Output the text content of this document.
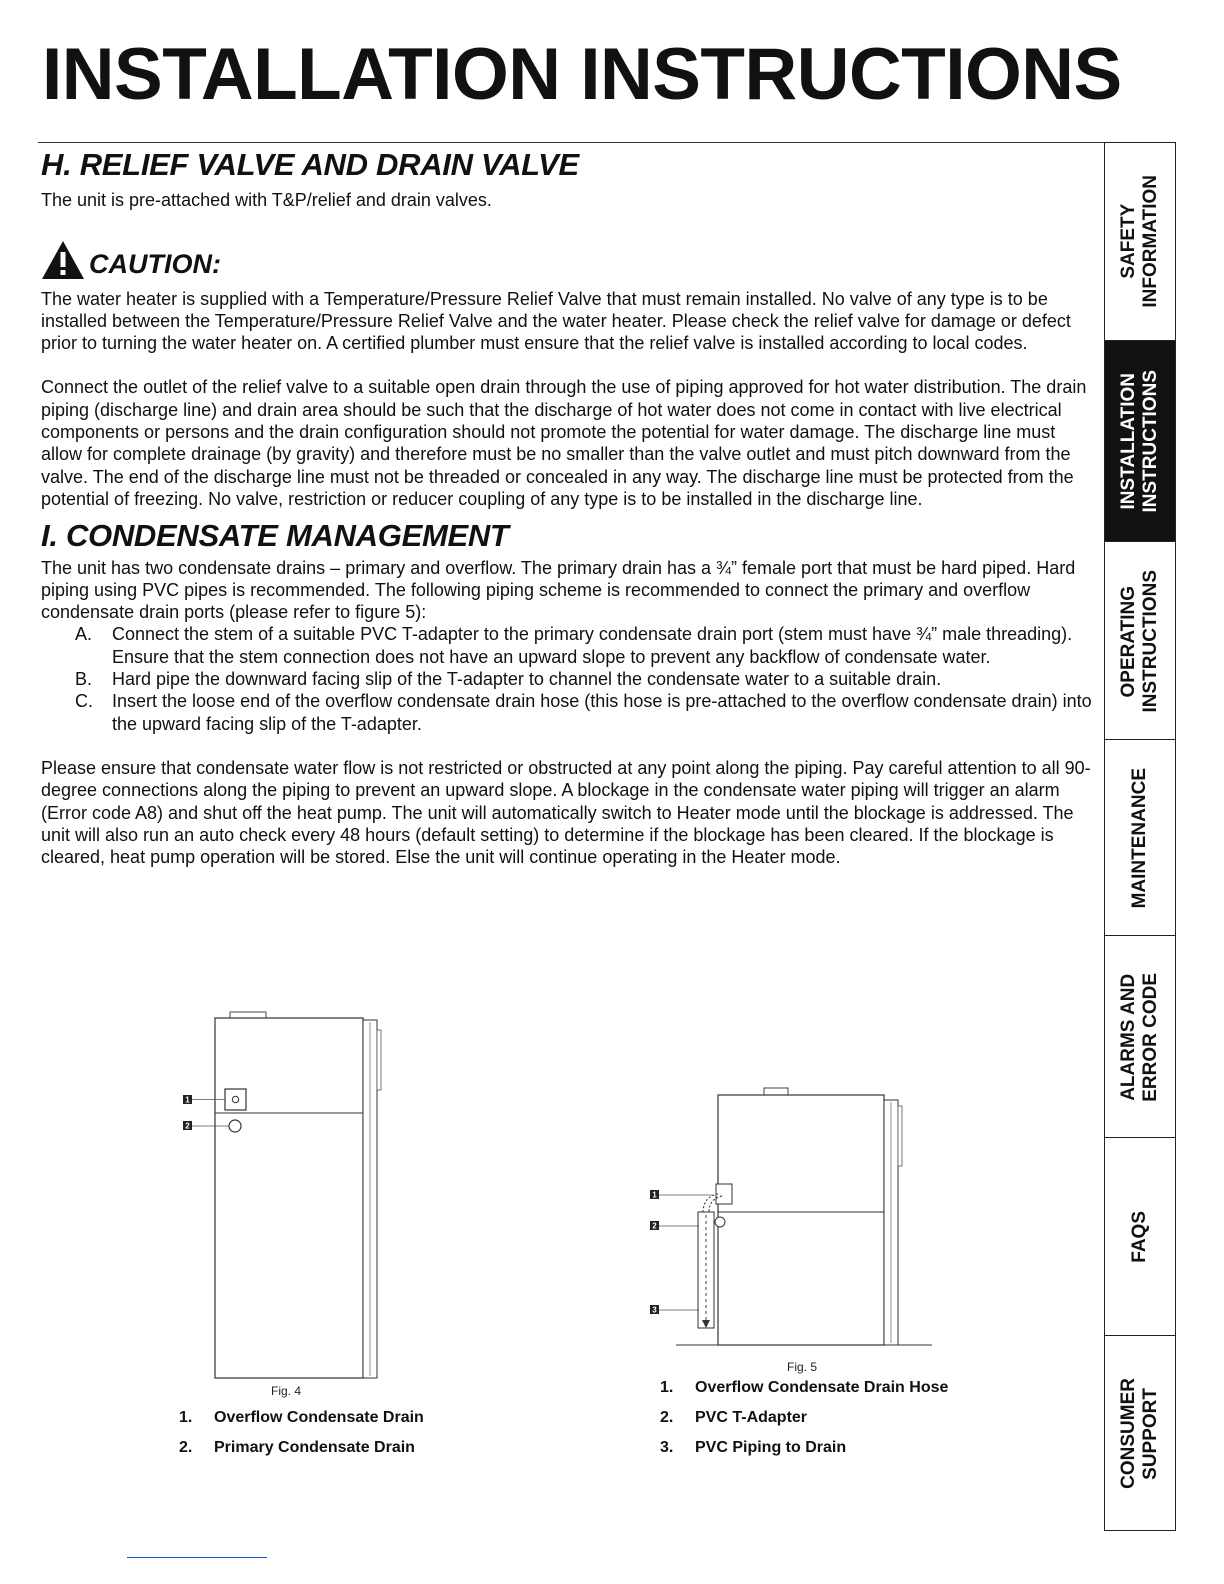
INSTALLATION INSTRUCTIONS
H. RELIEF VALVE AND DRAIN VALVE

The unit is pre-attached with T&P/relief and drain valves.

CAUTION:

The water heater is supplied with a Temperature/Pressure Relief Valve that must remain installed. No valve of any type is to be installed between the Temperature/Pressure Relief Valve and the water heater. Please check the relief valve for damage or defect prior to turning the water heater on. A certified plumber must ensure that the relief valve is installed according to local codes.

Connect the outlet of the relief valve to a suitable open drain through the use of piping approved for hot water distribution. The drain piping (discharge line) and drain area should be such that the discharge of hot water does not come in contact with live electrical components or persons and the drain configuration should not promote the potential for water damage. The discharge line must allow for complete drainage (by gravity) and therefore must be no smaller than the valve outlet and must pitch downward from the valve. The end of the discharge line must not be threaded or concealed in any way. The discharge line must be protected from the potential of freezing. No valve, restriction or reducer coupling of any type is to be installed in the discharge line.

I. CONDENSATE MANAGEMENT

The unit has two condensate drains – primary and overflow. The primary drain has a ¾” female port that must be hard piped. Hard piping using PVC pipes is recommended. The following piping scheme is recommended to connect the primary and overflow condensate drain ports (please refer to figure 5):

A.	Connect the stem of a suitable PVC T-adapter to the primary condensate drain port (stem must have ¾” male threading). Ensure that the stem connection does not have an upward slope to prevent any backflow of condensate water.
B.	Hard pipe the downward facing slip of the T-adapter to channel the condensate water to a suitable drain.
C.	Insert the loose end of the overflow condensate drain hose (this hose is pre-attached to the overflow condensate drain) into the upward facing slip of the T-adapter.

Please ensure that condensate water flow is not restricted or obstructed at any point along the piping. Pay careful attention to all 90-degree connections along the piping to prevent an upward slope. A blockage in the condensate water piping will trigger an alarm (Error code A8) and shut off the heat pump. The unit will automatically switch to Heater mode until the blockage is addressed. The unit will also run an auto check every 48 hours (default setting) to determine if the blockage has been cleared. If the blockage is cleared, heat pump operation will be stored. Else the unit will continue operating in the Heater mode.

1
2
Fig. 4
1.	Overflow Condensate Drain
2.	Primary Condensate Drain
1
2
3
Fig. 5
1.	Overflow Condensate Drain Hose
2.	PVC T-Adapter
3.	PVC Piping to Drain
SAFETY
INFORMATION
INSTALLATION
INSTRUCTIONS
OPERATING
INSTRUCTIONS
MAINTENANCE
ALARMS AND
ERROR CODE
FAQS
CONSUMER
SUPPORT
